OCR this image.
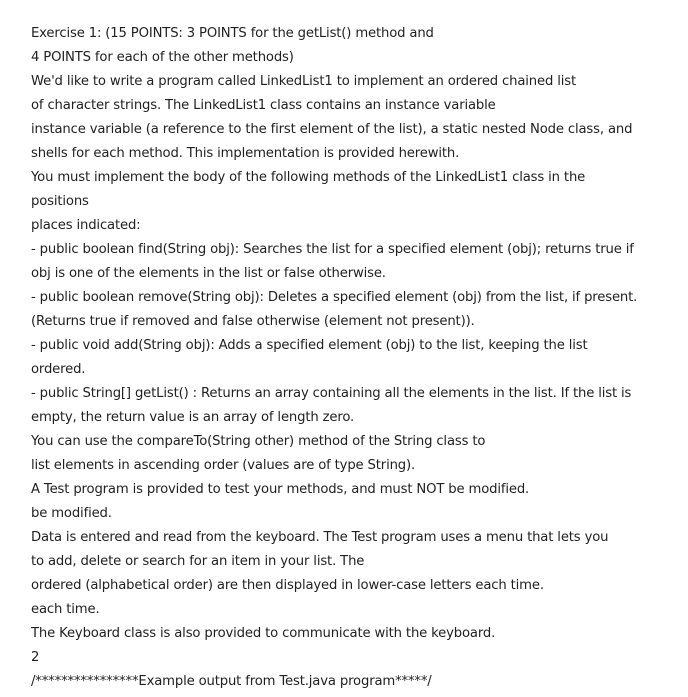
Exercise 1: (15 POINTS: 3 POINTS for the getList() method and
4 POINTS for each of the other methods)
We'd like to write a program called LinkedList1 to implement an ordered chained list
of character strings. The LinkedList1 class contains an instance variable
instance variable (a reference to the first element of the list), a static nested Node class, and
shells for each method. This implementation is provided herewith.
You must implement the body of the following methods of the LinkedList1 class in the
positions
places indicated:
- public boolean find(String obj): Searches the list for a specified element (obj); returns true if
obj is one of the elements in the list or false otherwise.
- public boolean remove(String obj): Deletes a specified element (obj) from the list, if present.
(Returns true if removed and false otherwise (element not present)).
- public void add(String obj): Adds a specified element (obj) to the list, keeping the list
ordered.
- public String[] getList() : Returns an array containing all the elements in the list. If the list is
empty, the return value is an array of length zero.
You can use the compareTo(String other) method of the String class to
list elements in ascending order (values are of type String).
A Test program is provided to test your methods, and must NOT be modified.
be modified.
Data is entered and read from the keyboard. The Test program uses a menu that lets you
to add, delete or search for an item in your list. The
ordered (alphabetical order) are then displayed in lower-case letters each time.
each time.
The Keyboard class is also provided to communicate with the keyboard.
2
/****************Example output from Test.java program*****/
